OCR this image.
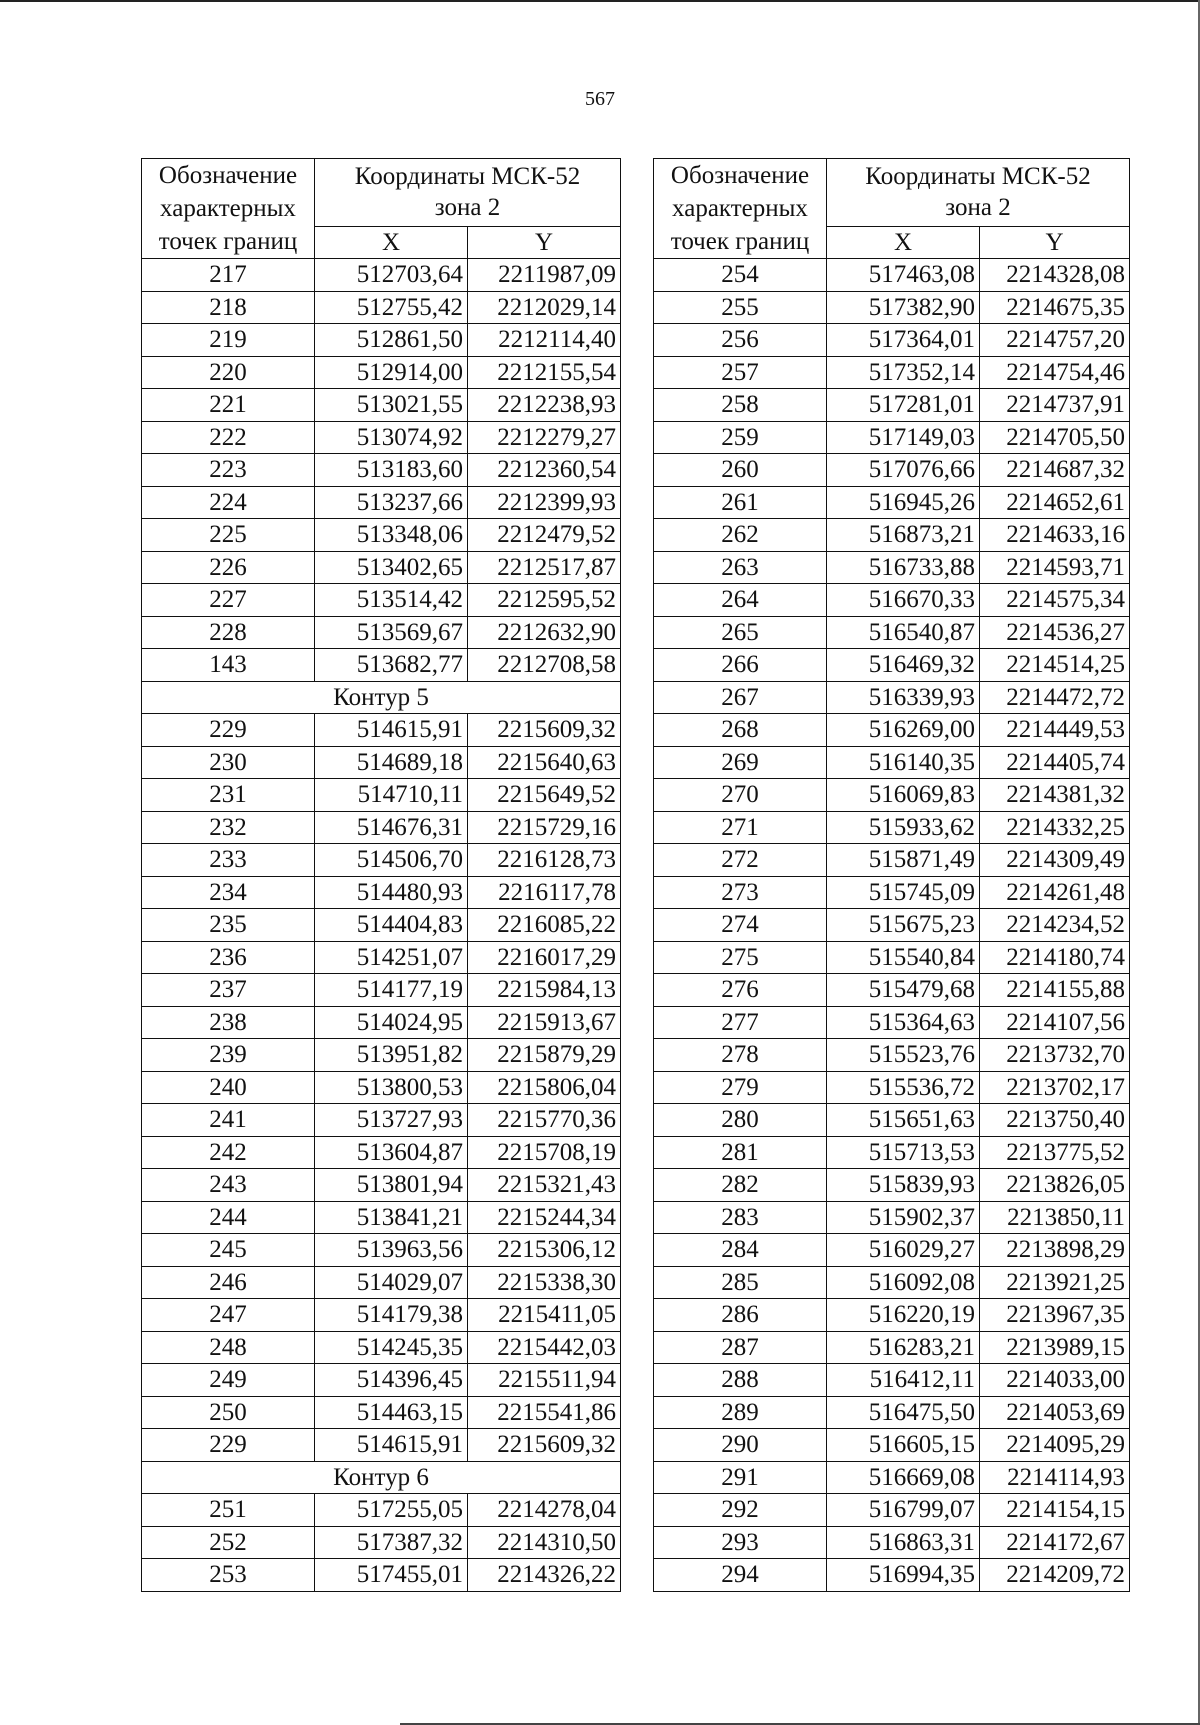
567
Обозначение
характерных
точек границ	Координаты МСК-52
зона 2	
	X	Y
217	512703,64	2211987,09
218	512755,42	2212029,14
219	512861,50	2212114,40
220	512914,00	2212155,54
221	513021,55	2212238,93
222	513074,92	2212279,27
223	513183,60	2212360,54
224	513237,66	2212399,93
225	513348,06	2212479,52
226	513402,65	2212517,87
227	513514,42	2212595,52
228	513569,67	2212632,90
143	513682,77	2212708,58
Контур 5		
229	514615,91	2215609,32
230	514689,18	2215640,63
231	514710,11	2215649,52
232	514676,31	2215729,16
233	514506,70	2216128,73
234	514480,93	2216117,78
235	514404,83	2216085,22
236	514251,07	2216017,29
237	514177,19	2215984,13
238	514024,95	2215913,67
239	513951,82	2215879,29
240	513800,53	2215806,04
241	513727,93	2215770,36
242	513604,87	2215708,19
243	513801,94	2215321,43
244	513841,21	2215244,34
245	513963,56	2215306,12
246	514029,07	2215338,30
247	514179,38	2215411,05
248	514245,35	2215442,03
249	514396,45	2215511,94
250	514463,15	2215541,86
229	514615,91	2215609,32
Контур 6		
251	517255,05	2214278,04
252	517387,32	2214310,50
253	517455,01	2214326,22
Обозначение
характерных
точек границ	Координаты МСК-52
зона 2	
	X	Y
254	517463,08	2214328,08
255	517382,90	2214675,35
256	517364,01	2214757,20
257	517352,14	2214754,46
258	517281,01	2214737,91
259	517149,03	2214705,50
260	517076,66	2214687,32
261	516945,26	2214652,61
262	516873,21	2214633,16
263	516733,88	2214593,71
264	516670,33	2214575,34
265	516540,87	2214536,27
266	516469,32	2214514,25
267	516339,93	2214472,72
268	516269,00	2214449,53
269	516140,35	2214405,74
270	516069,83	2214381,32
271	515933,62	2214332,25
272	515871,49	2214309,49
273	515745,09	2214261,48
274	515675,23	2214234,52
275	515540,84	2214180,74
276	515479,68	2214155,88
277	515364,63	2214107,56
278	515523,76	2213732,70
279	515536,72	2213702,17
280	515651,63	2213750,40
281	515713,53	2213775,52
282	515839,93	2213826,05
283	515902,37	2213850,11
284	516029,27	2213898,29
285	516092,08	2213921,25
286	516220,19	2213967,35
287	516283,21	2213989,15
288	516412,11	2214033,00
289	516475,50	2214053,69
290	516605,15	2214095,29
291	516669,08	2214114,93
292	516799,07	2214154,15
293	516863,31	2214172,67
294	516994,35	2214209,72
